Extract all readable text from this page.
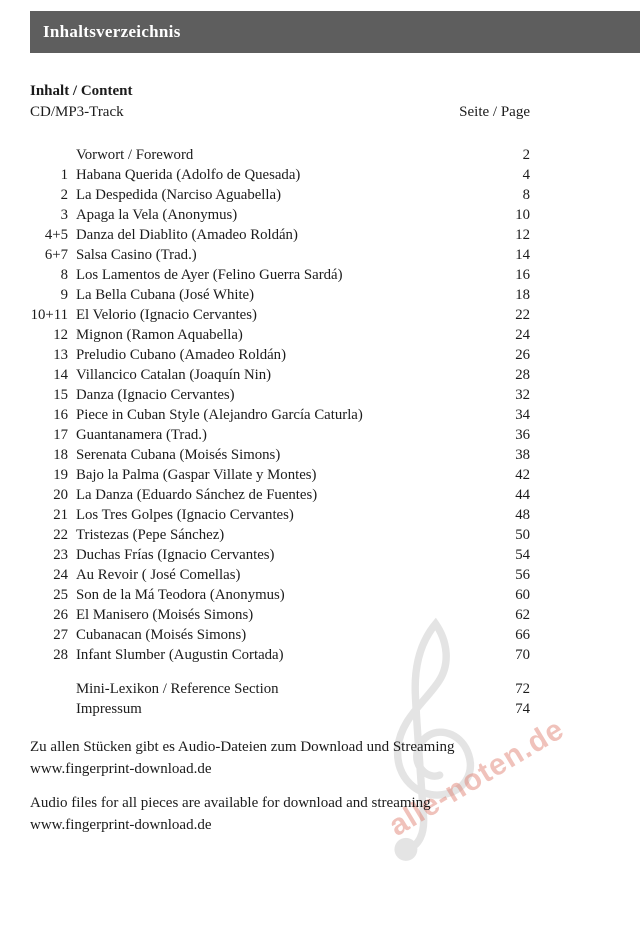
alle-noten.de
Inhaltsverzeichnis
Inhalt / Content
CD/MP3-Track	Seite / Page
Vorwort / Foreword	2
1 Habana Querida (Adolfo de Quesada)	4
2 La Despedida (Narciso Aguabella)	8
3 Apaga la Vela (Anonymus)	10
4+5 Danza del Diablito (Amadeo Roldán)	12
6+7 Salsa Casino (Trad.)	14
8 Los Lamentos de Ayer (Felino Guerra Sardá)	16
9 La Bella Cubana (José White)	18
10+11 El Velorio (Ignacio Cervantes)	22
12 Mignon (Ramon Aquabella)	24
13 Preludio Cubano (Amadeo Roldán)	26
14 Villancico Catalan (Joaquín Nin)	28
15 Danza (Ignacio Cervantes)	32
16 Piece in Cuban Style (Alejandro García Caturla)	34
17 Guantanamera (Trad.)	36
18 Serenata Cubana (Moisés Simons)	38
19 Bajo la Palma (Gaspar Villate y Montes)	42
20 La Danza (Eduardo Sánchez de Fuentes)	44
21 Los Tres Golpes (Ignacio Cervantes)	48
22 Tristezas (Pepe Sánchez)	50
23 Duchas Frías (Ignacio Cervantes)	54
24 Au Revoir ( José Comellas)	56
25 Son de la Má Teodora (Anonymus)	60
26 El Manisero (Moisés Simons)	62
27 Cubanacan (Moisés Simons)	66
28 Infant Slumber (Augustin Cortada)	70
Mini-Lexikon / Reference Section	72
Impressum	74

Zu allen Stücken gibt es Audio-Dateien zum Download und Streaming
www.fingerprint-download.de

Audio files for all pieces are available for download and streaming
www.fingerprint-download.de
